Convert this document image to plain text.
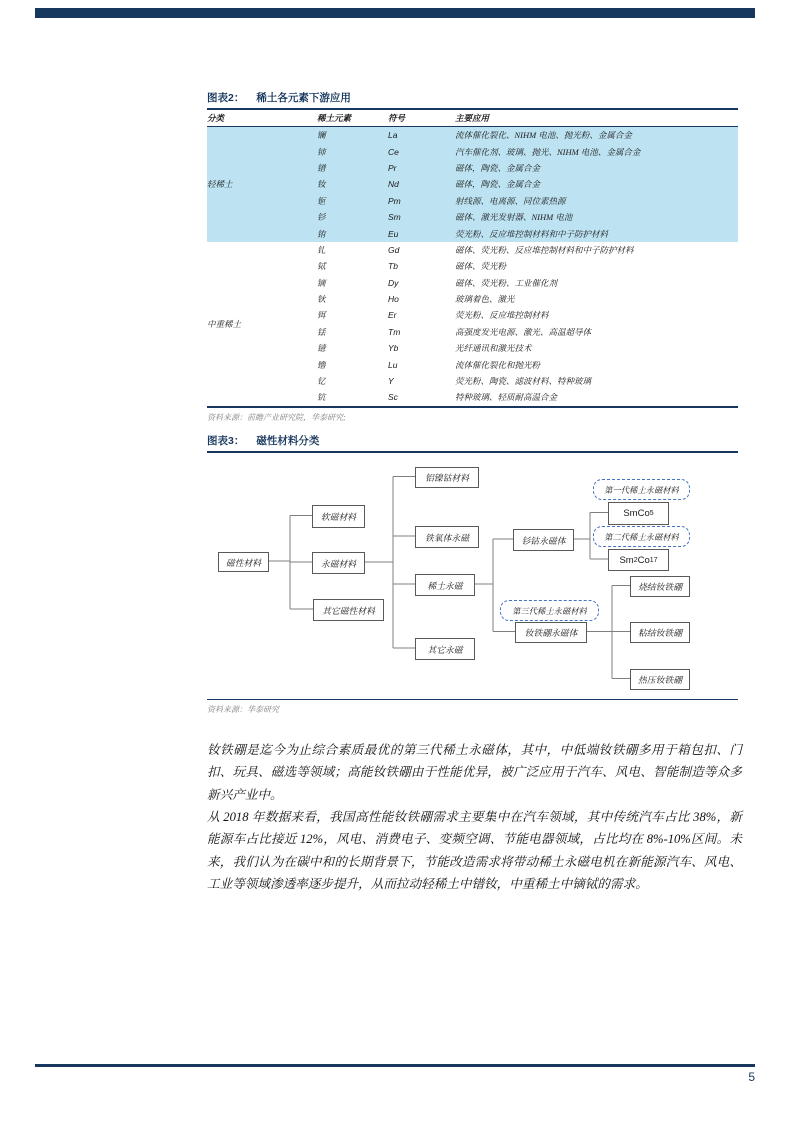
图表2： 稀土各元素下游应用
分类	稀土元素	符号	主要应用
轻稀土	镧	La	流体催化裂化、NIHM 电池、抛光粉、金属合金
	铈	Ce	汽车催化剂、玻璃、抛光、NIHM 电池、金属合金
	镨	Pr	磁体，陶瓷、金属合金
	钕	Nd	磁体，陶瓷、金属合金
	钷	Pm	射线源、电离源、同位素热源
	钐	Sm	磁体、激光发射器、NIHM 电池
	铕	Eu	荧光粉、反应堆控制材料和中子防护材料
中重稀土	钆	Gd	磁体、荧光粉、反应堆控制材料和中子防护材料
	铽	Tb	磁体、荧光粉
	镝	Dy	磁体、荧光粉、工业催化剂
	钬	Ho	玻璃着色、激光
	铒	Er	荧光粉、反应堆控制材料
	铥	Tm	高强度发光电源、激光、高温超导体
	镱	Yb	光纤通讯和激光技术
	镥	Lu	流体催化裂化和抛光粉
	钇	Y	荧光粉、陶瓷、滤波材料、特种玻璃
	钪	Sc	特种玻璃、轻质耐高温合金
资料来源：前瞻产业研究院，华泰研究;
图表3： 磁性材料分类
磁性材料
软磁材料
永磁材料
其它磁性材料
铝镍钴材料
铁氧体永磁
稀土永磁
其它永磁
钐钴永磁体
第一代稀土永磁材料
SmCo 5
第二代稀土永磁材料
Sm 2 Co 17
第三代稀土永磁材料
钕铁硼永磁体
烧结钕铁硼
粘结钕铁硼
热压钕铁硼
资料来源：华泰研究

钕铁硼是迄今为止综合素质最优的第三代稀土永磁体，其中，中低端钕铁硼多用于箱包扣、门扣、玩具、磁选等领域；高能钕铁硼由于性能优异，被广泛应用于汽车、风电、智能制造等众多新兴产业中。

从 2018 年数据来看，我国高性能钕铁硼需求主要集中在汽车领域，其中传统汽车占比 38%，新能源车占比接近 12%，风电、消费电子、变频空调、节能电器领域，占比均在 8%-10%区间。未来，我们认为在碳中和的长期背景下，节能改造需求将带动稀土永磁电机在新能源汽车、风电、工业等领域渗透率逐步提升，从而拉动轻稀土中镨钕，中重稀土中镝铽的需求。

5
